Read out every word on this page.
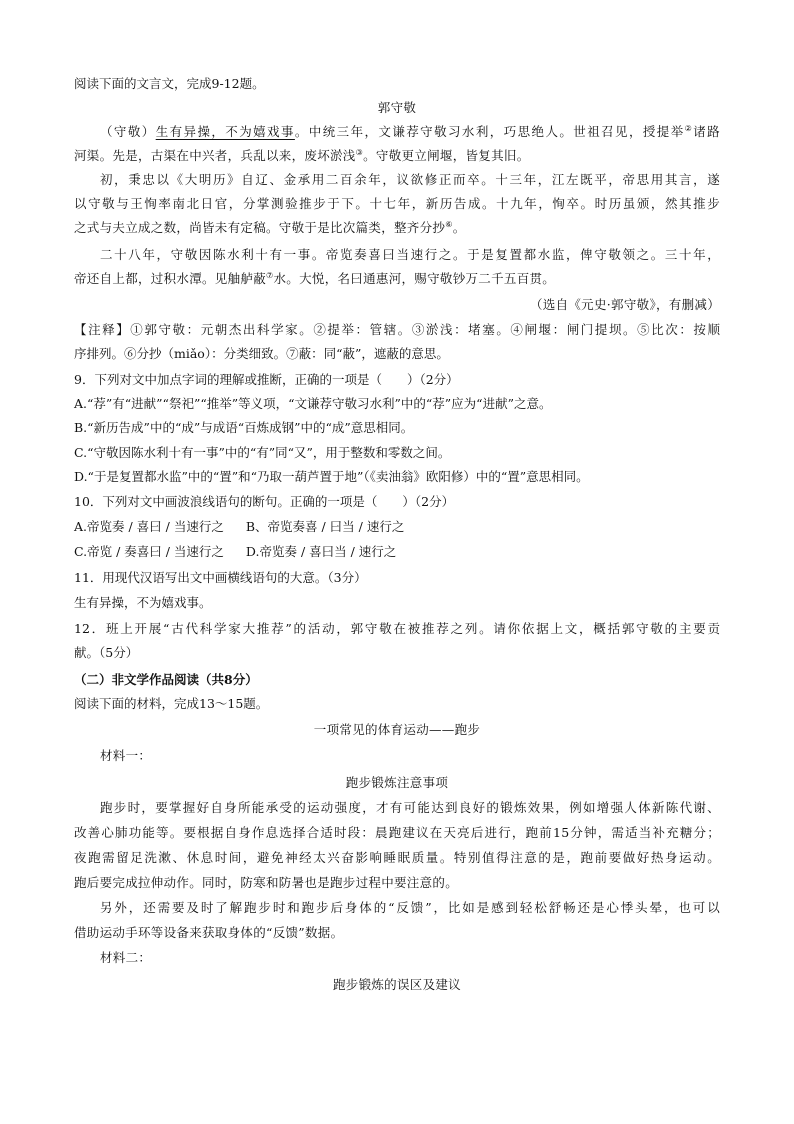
阅读下面的文言文，完成9-12题。
郭守敬
（守敬）生有异操，不为嬉戏事。中统三年，文谦荐守敬习水利，巧思绝人。世祖召见，授提举②诸路
河渠。先是，古渠在中兴者，兵乱以来，废坏淤浅③。守敬更立闸堰，皆复其旧。
初，秉忠以《大明历》自辽、金承用二百余年，议欲修正而卒。十三年，江左既平，帝思用其言，遂
以守敬与王恂率南北日官，分掌测验推步于下。十七年，新历告成。十九年，恂卒。时历虽颁，然其推步
之式与夫立成之数，尚皆未有定稿。守敬于是比次篇类，整齐分抄⑥。
二十八年，守敬因陈水利十有一事。帝览奏喜曰当速行之。于是复置都水监，俾守敬领之。三十年，
帝还自上都，过积水潭。见舳舻蔽⑦水。大悦，名曰通惠河，赐守敬钞万二千五百贯。
（选自《元史·郭守敬》，有删减）
【注释】①郭守敬：元朝杰出科学家。②提举：管辖。③淤浅：堵塞。④闸堰：闸门提坝。⑤比次：按顺
序排列。⑥分抄（miǎo）：分类细致。⑦蔽：同“蔽”，遮蔽的意思。
9．下列对文中加点字词的理解或推断，正确的一项是（　　）（2分）
A.“荐”有“进献”“祭祀”“推举”等义项，“文谦荐守敬习水利”中的“荐”应为“进献”之意。
B.“新历告成”中的“成”与成语“百炼成钢”中的“成”意思相同。
C.“守敬因陈水利十有一事”中的“有”同“又”，用于整数和零数之间。
D.“于是复置都水监”中的“置”和“乃取一葫芦置于地”（《卖油翁》欧阳修）中的“置”意思相同。
10．下列对文中画波浪线语句的断句。正确的一项是（　　）（2分）
A.帝览奏 / 喜曰 / 当速行之 B、帝览奏喜 / 曰当 / 速行之
C.帝览 / 奏喜曰 / 当速行之 D.帝览奏 / 喜曰当 / 速行之
11．用现代汉语写出文中画横线语句的大意。（3分）
生有异操，不为嬉戏事。
12．班上开展“古代科学家大推荐”的活动，郭守敬在被推荐之列。请你依据上文，概括郭守敬的主要贡
献。（5分）
（二）非文学作品阅读（共8分）
阅读下面的材料，完成13～15题。
一项常见的体育运动——跑步
材料一：
跑步锻炼注意事项
跑步时，要掌握好自身所能承受的运动强度，才有可能达到良好的锻炼效果，例如增强人体新陈代谢、
改善心肺功能等。要根据自身作息选择合适时段：晨跑建议在天亮后进行，跑前15分钟，需适当补充糖分；
夜跑需留足洗漱、休息时间，避免神经太兴奋影响睡眠质量。特别值得注意的是，跑前要做好热身运动。
跑后要完成拉伸动作。同时，防寒和防暑也是跑步过程中要注意的。
另外，还需要及时了解跑步时和跑步后身体的“反馈”，比如是感到轻松舒畅还是心悸头晕，也可以
借助运动手环等设备来获取身体的“反馈”数据。
材料二：
跑步锻炼的误区及建议
